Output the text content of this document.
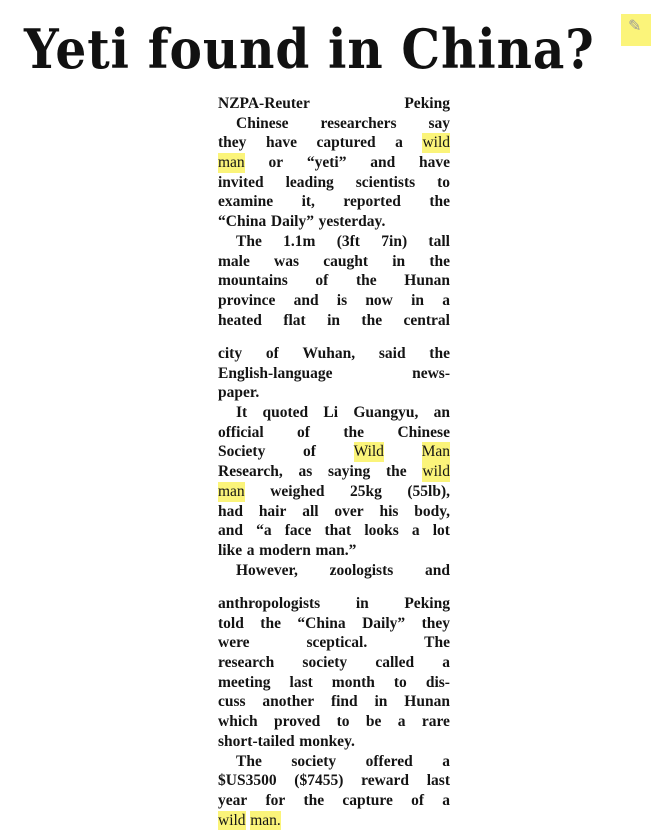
Yeti found in China? ✎
NZPA-Reuter	Peking
Chinese researchers say
they have captured a wild
man or “yeti” and have
invited leading scientists to
examine it, reported the
“China Daily” yesterday.
The 1.1m (3ft 7in) tall
male was caught in the
mountains of the Hunan
province and is now in a
heated flat in the central
city of Wuhan, said the
English-language	news-
paper.
It quoted Li Guangyu, an
official of the Chinese
Society of Wild Man
Research, as saying the wild
man weighed 25kg (55lb),
had hair all over his body,
and “a face that looks a lot
like a modern man.”
However, zoologists and
anthropologists in Peking
told the “China Daily” they
were	sceptical.	The
research society called a
meeting last month to dis-
cuss another find in Hunan
which proved to be a rare
short-tailed monkey.
The society offered a
$US3500 ($7455) reward last
year for the capture of a
wild man.
